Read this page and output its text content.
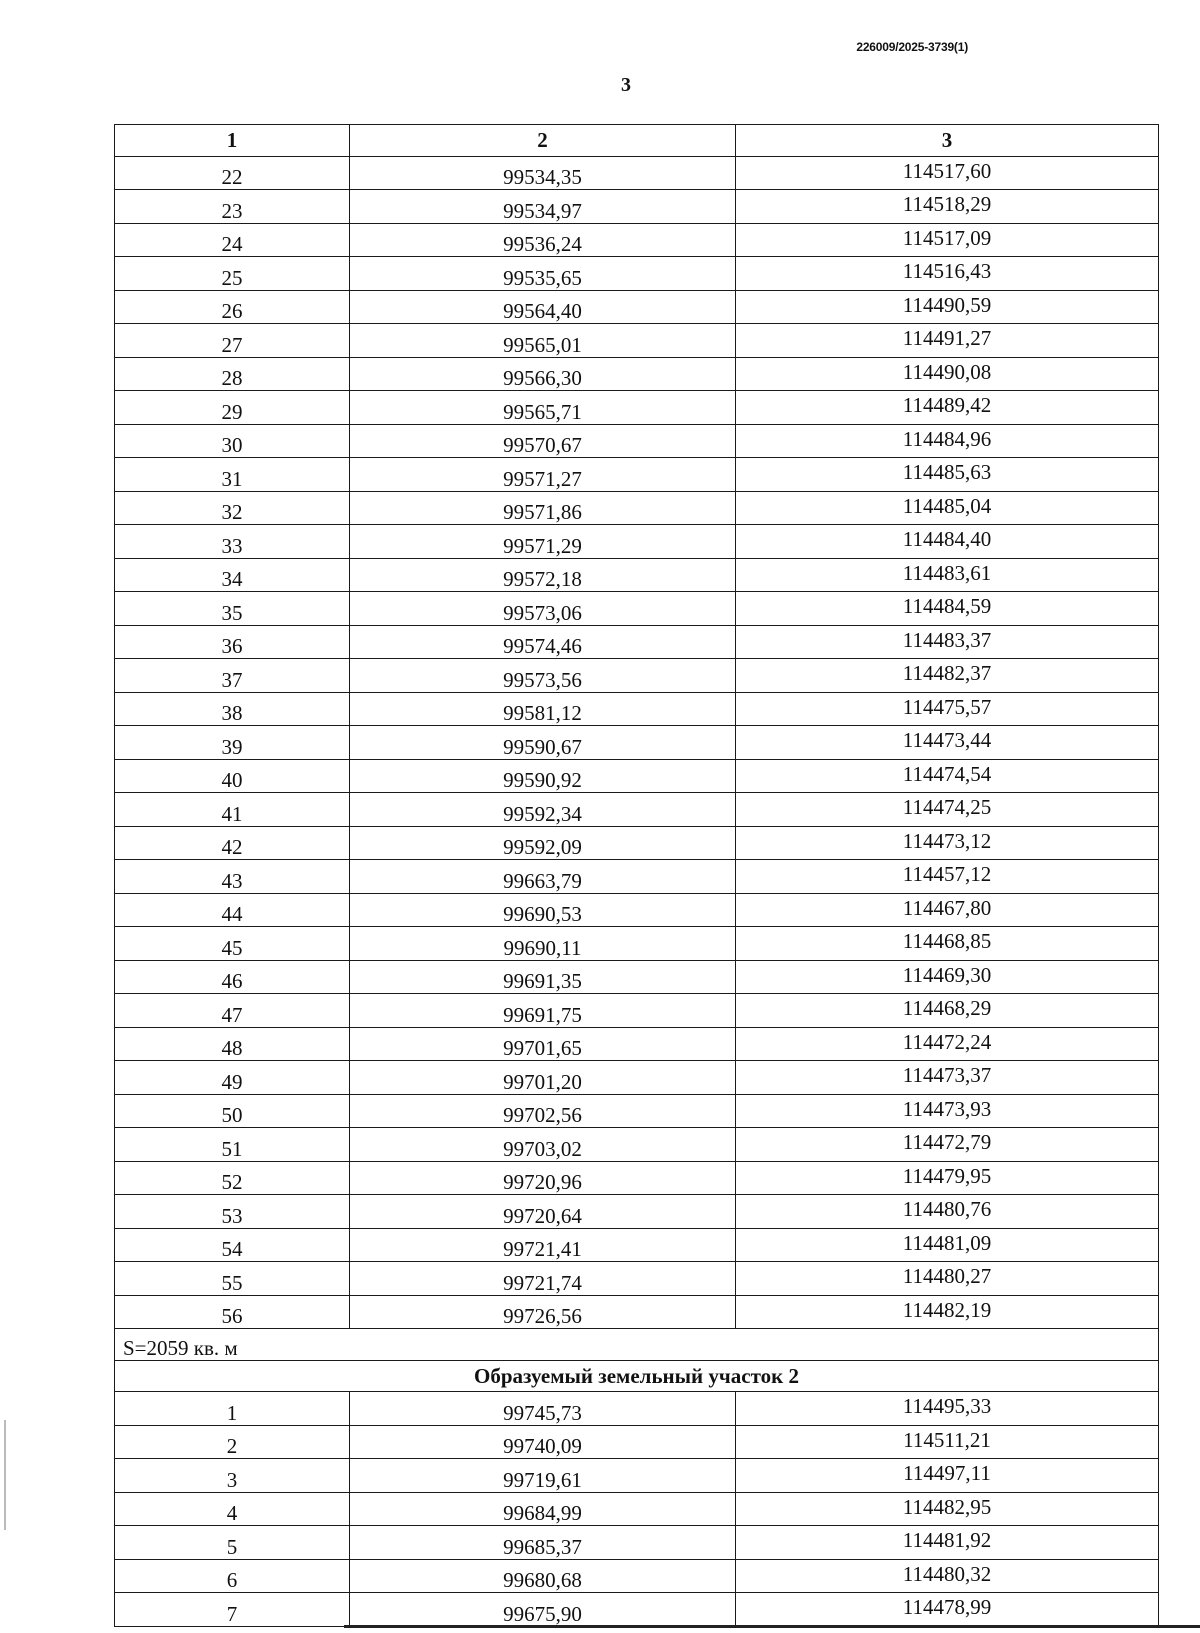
226009/2025-3739(1)
3
1	2	3
22	99534,35	114517,60
23	99534,97	114518,29
24	99536,24	114517,09
25	99535,65	114516,43
26	99564,40	114490,59
27	99565,01	114491,27
28	99566,30	114490,08
29	99565,71	114489,42
30	99570,67	114484,96
31	99571,27	114485,63
32	99571,86	114485,04
33	99571,29	114484,40
34	99572,18	114483,61
35	99573,06	114484,59
36	99574,46	114483,37
37	99573,56	114482,37
38	99581,12	114475,57
39	99590,67	114473,44
40	99590,92	114474,54
41	99592,34	114474,25
42	99592,09	114473,12
43	99663,79	114457,12
44	99690,53	114467,80
45	99690,11	114468,85
46	99691,35	114469,30
47	99691,75	114468,29
48	99701,65	114472,24
49	99701,20	114473,37
50	99702,56	114473,93
51	99703,02	114472,79
52	99720,96	114479,95
53	99720,64	114480,76
54	99721,41	114481,09
55	99721,74	114480,27
56	99726,56	114482,19
S=2059 кв. м		
Образуемый земельный участок 2		
1	99745,73	114495,33
2	99740,09	114511,21
3	99719,61	114497,11
4	99684,99	114482,95
5	99685,37	114481,92
6	99680,68	114480,32
7	99675,90	114478,99
